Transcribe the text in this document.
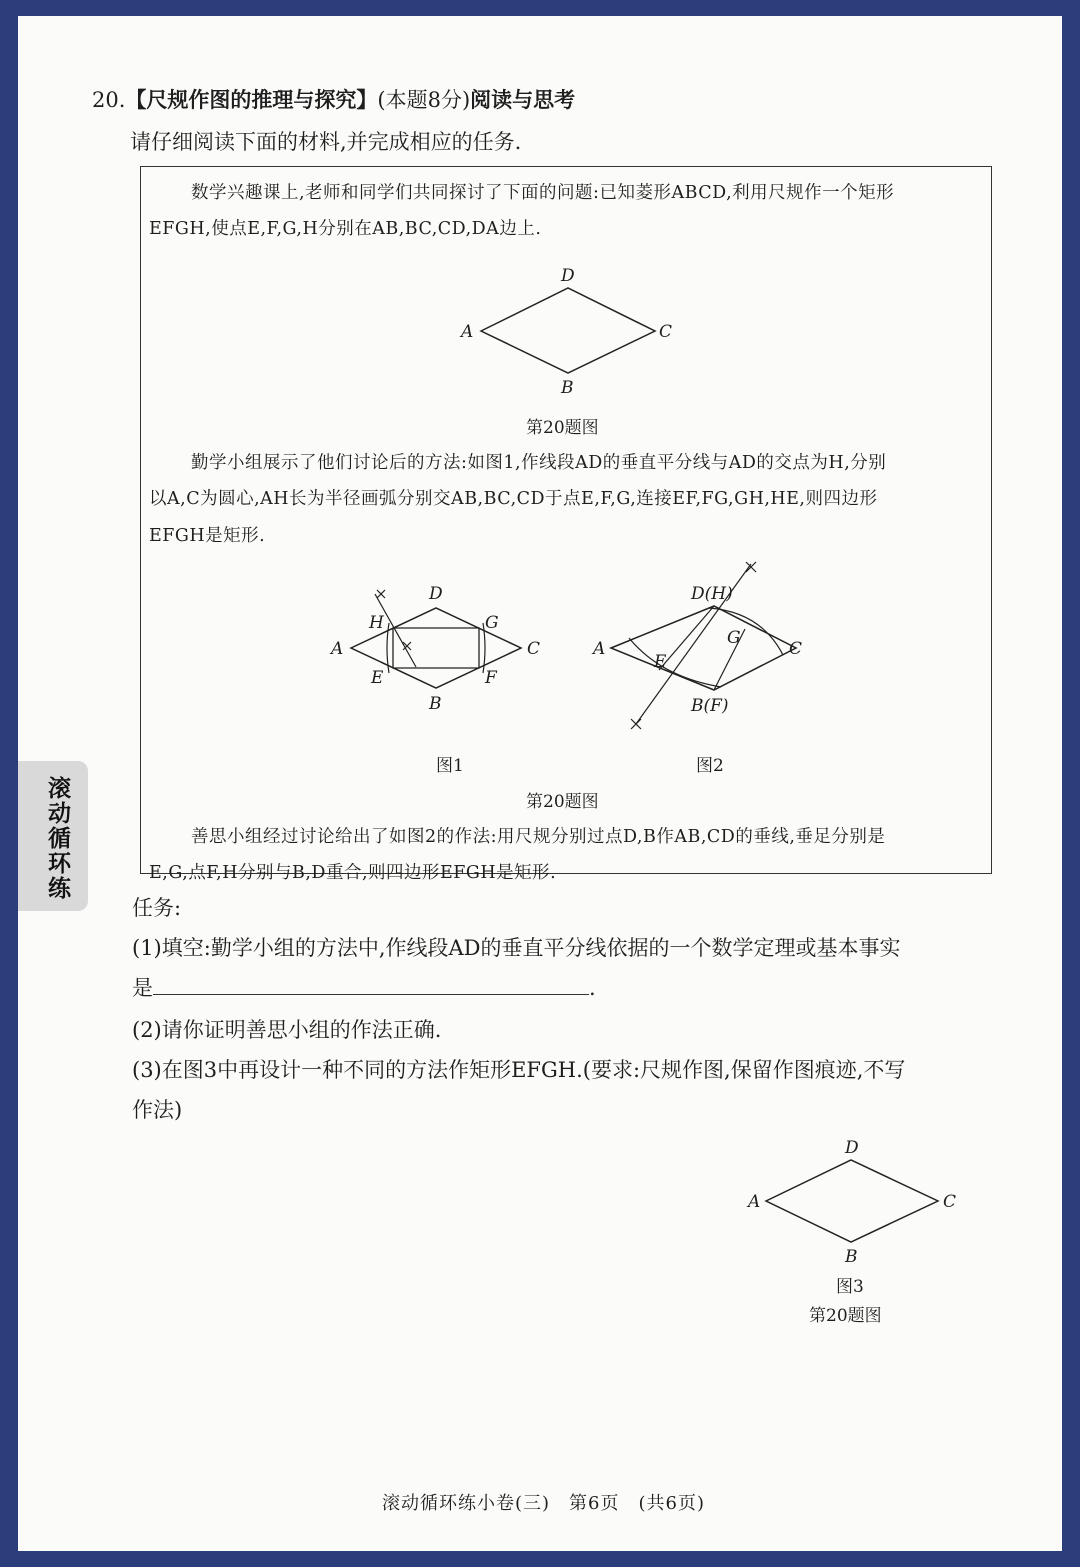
20.【尺规作图的推理与探究】(本题8分)阅读与思考
请仔细阅读下面的材料,并完成相应的任务.
数学兴趣课上,老师和同学们共同探讨了下面的问题:已知菱形ABCD,利用尺规作一个矩形
EFGH,使点E,F,G,H分别在AB,BC,CD,DA边上.
A
D
C
B
A
D
C
B
H	G
E	F
A
D(H)
C
B(F)
E
G
第20题图
勤学小组展示了他们讨论后的方法:如图1,作线段AD的垂直平分线与AD的交点为H,分别
以A,C为圆心,AH长为半径画弧分别交AB,BC,CD于点E,F,G,连接EF,FG,GH,HE,则四边形
EFGH是矩形.
图1	图2
第20题图
善思小组经过讨论给出了如图2的作法:用尺规分别过点D,B作AB,CD的垂线,垂足分别是
E,G,点F,H分别与B,D重合,则四边形EFGH是矩形.
滚动循环练
任务:
(1)填空:勤学小组的方法中,作线段AD的垂直平分线依据的一个数学定理或基本事实
是	.
(2)请你证明善思小组的作法正确.
(3)在图3中再设计一种不同的方法作矩形EFGH.(要求:尺规作图,保留作图痕迹,不写
作法)
A
D
C
B
图3
第20题图
滚动循环练小卷(三)　第6页　(共6页)
